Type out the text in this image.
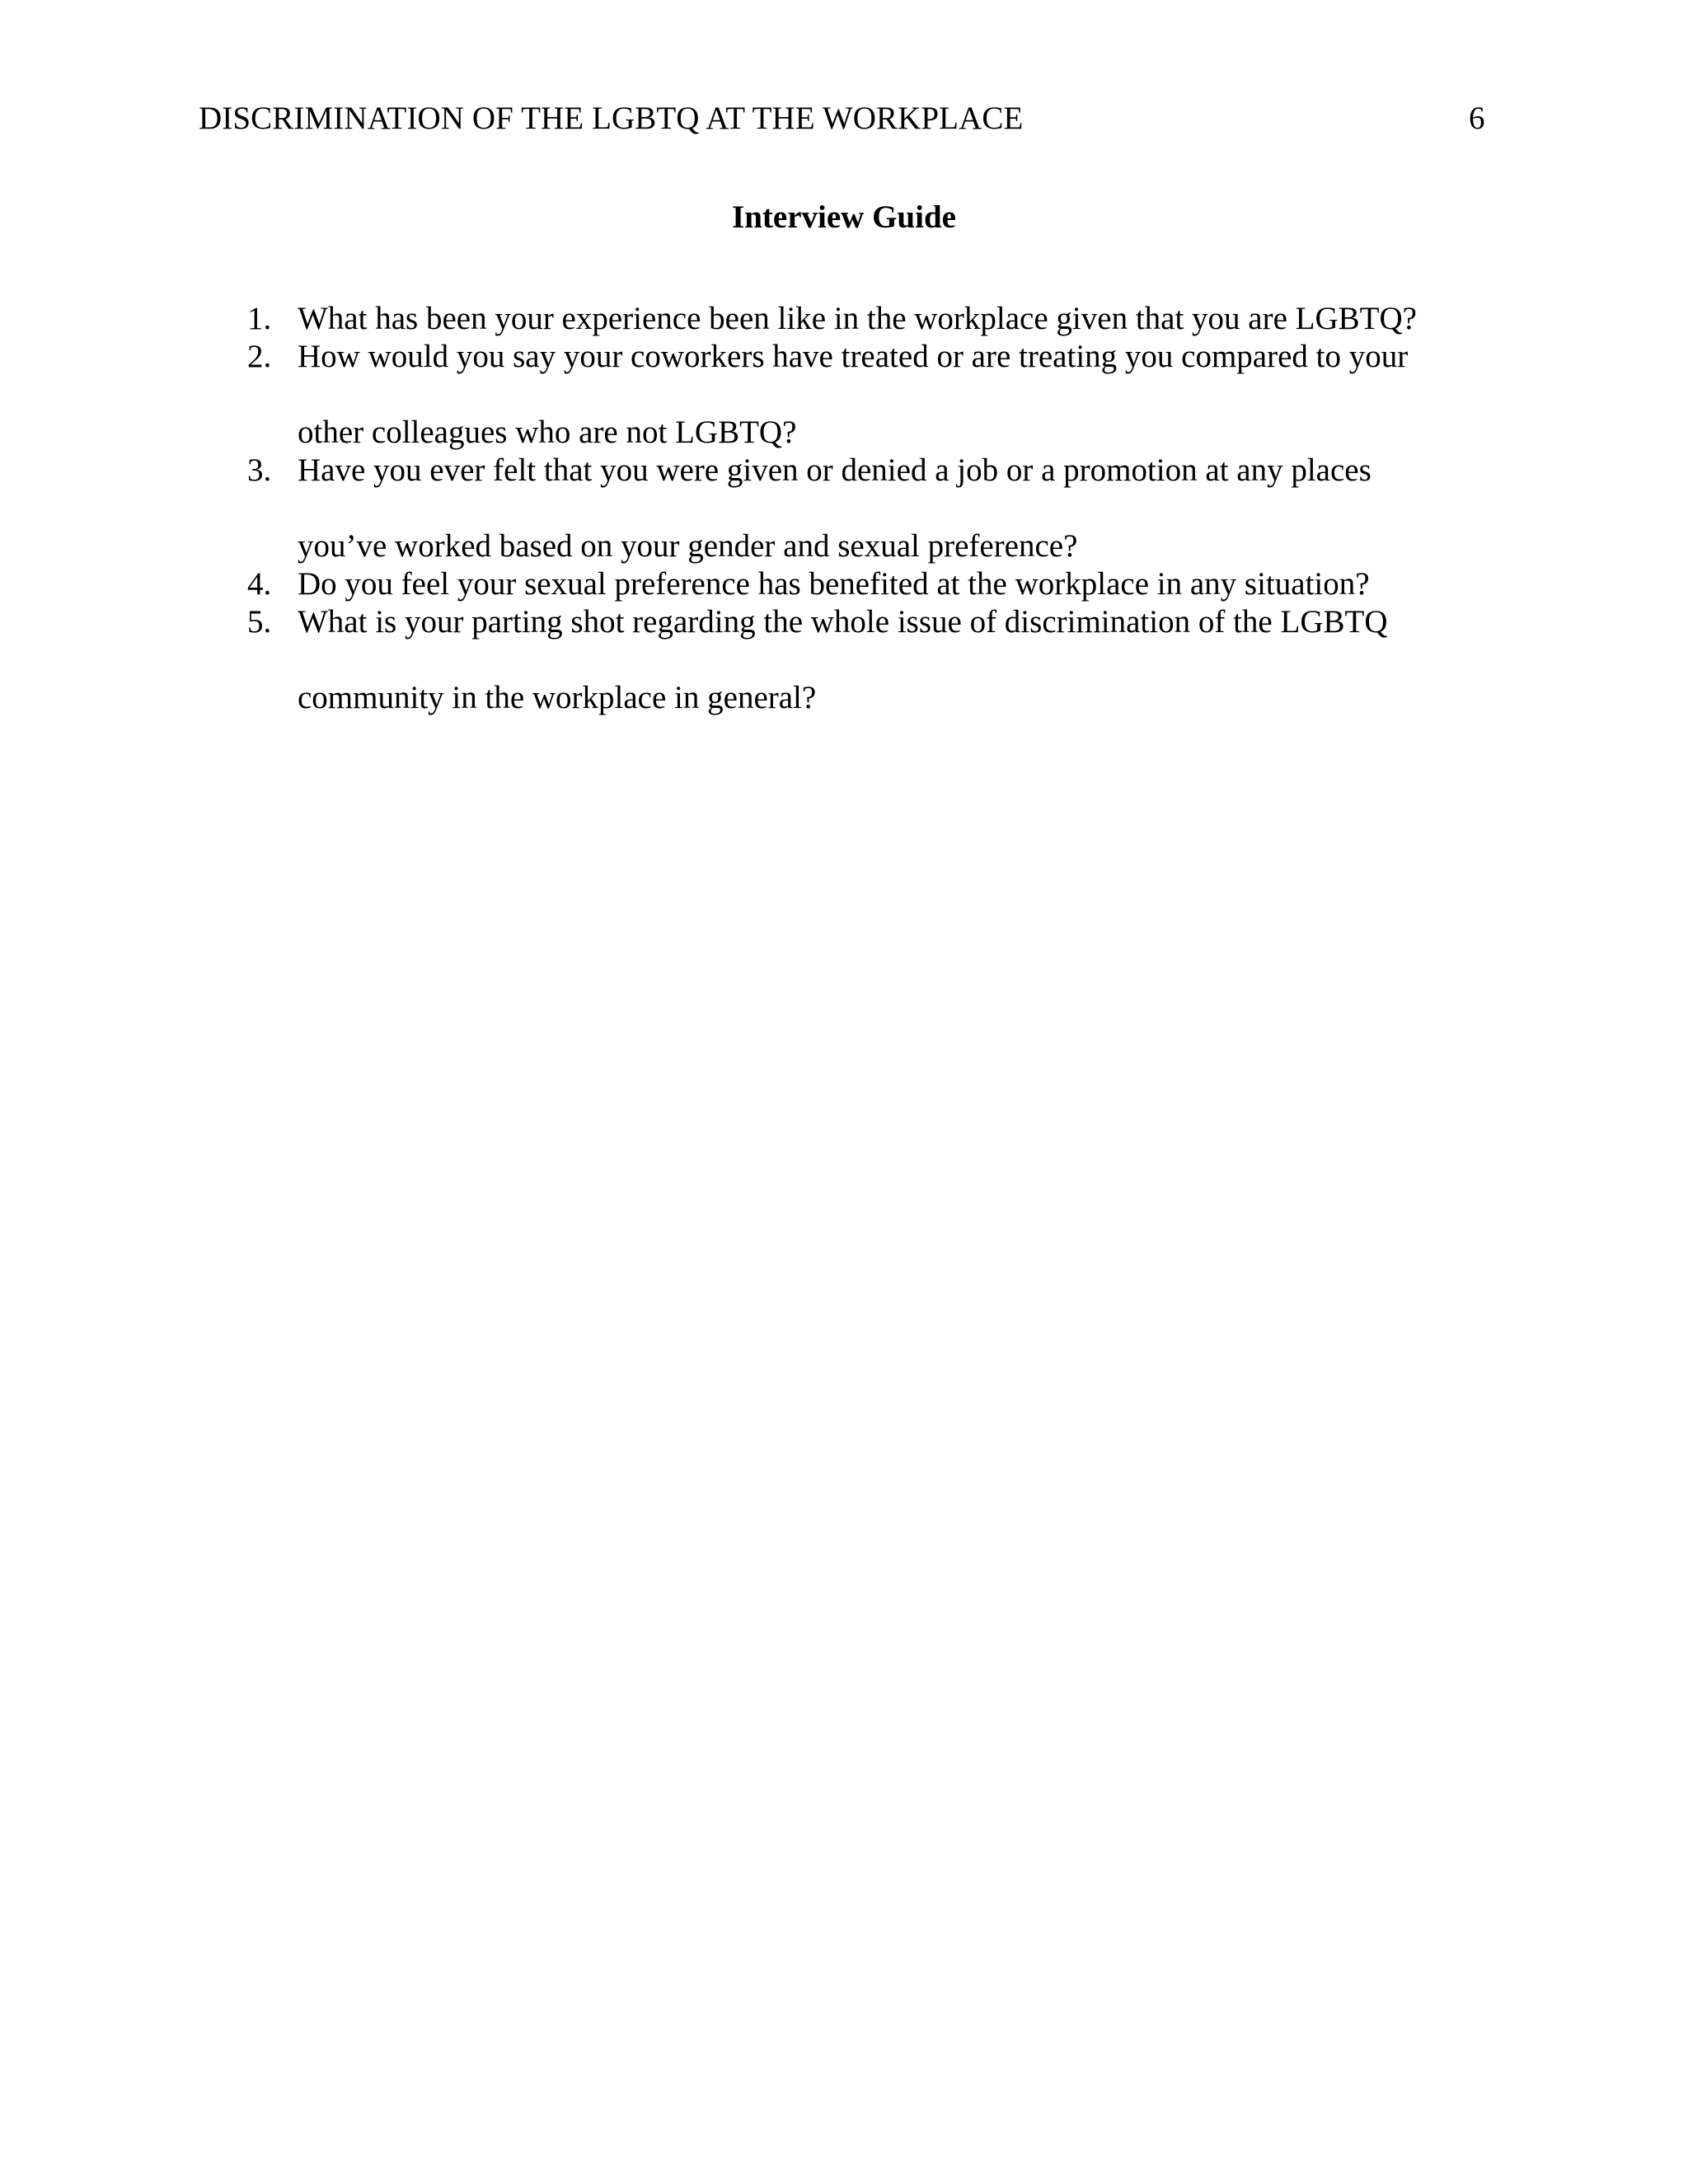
DISCRIMINATION OF THE LGBTQ AT THE WORKPLACE	6
Interview Guide
1. What has been your experience been like in the workplace given that you are LGBTQ?
2. How would you say your coworkers have treated or are treating you compared to your
other colleagues who are not LGBTQ?
3. Have you ever felt that you were given or denied a job or a promotion at any places
you’ve worked based on your gender and sexual preference?
4. Do you feel your sexual preference has benefited at the workplace in any situation?
5. What is your parting shot regarding the whole issue of discrimination of the LGBTQ
community in the workplace in general?
